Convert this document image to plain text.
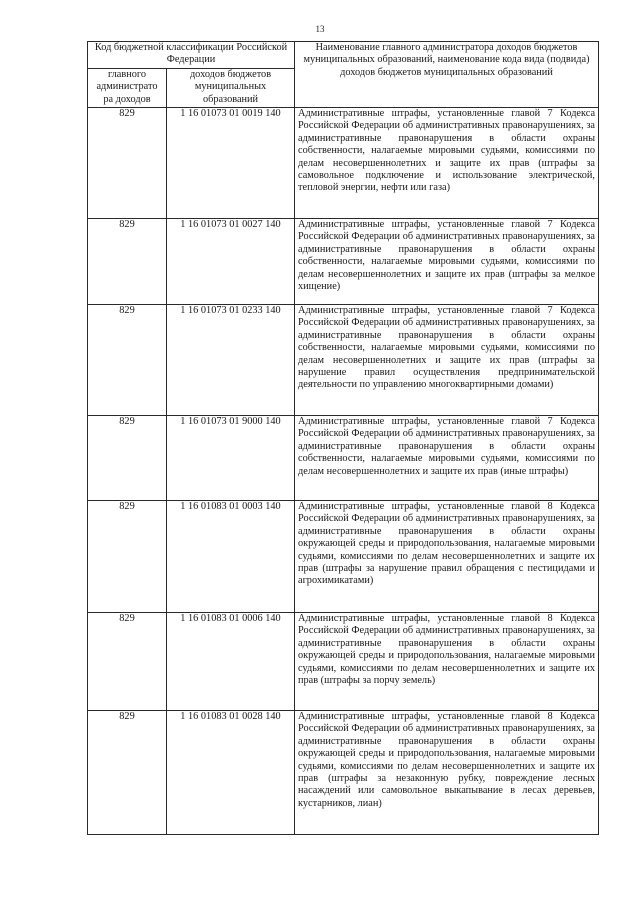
13
Код бюджетной классификации Российской Федерации		Наименование главного администратора доходов бюджетов муниципальных образований, наименование кода вида (подвида) доходов бюджетов муниципальных образований
главного администрато ра доходов	доходов бюджетов муниципальных образований	
829	1 16 01073 01 0019 140	Административные штрафы, установленные главой 7 Кодекса Российской Федерации об административных правонарушениях, за административные правонарушения в области охраны собственности, налагаемые мировыми судьями, комиссиями по делам несовершеннолетних и защите их прав (штрафы за самовольное подключение и использование электрической, тепловой энергии, нефти или газа)
829	1 16 01073 01 0027 140	Административные штрафы, установленные главой 7 Кодекса Российской Федерации об административных правонарушениях, за административные правонарушения в области охраны собственности, налагаемые мировыми судьями, комиссиями по делам несовершеннолетних и защите их прав (штрафы за мелкое хищение)
829	1 16 01073 01 0233 140	Административные штрафы, установленные главой 7 Кодекса Российской Федерации об административных правонарушениях, за административные правонарушения в области охраны собственности, налагаемые мировыми судьями, комиссиями по делам несовершеннолетних и защите их прав (штрафы за нарушение правил осуществления предпринимательской деятельности по управлению многоквартирными домами)
829	1 16 01073 01 9000 140	Административные штрафы, установленные главой 7 Кодекса Российской Федерации об административных правонарушениях, за административные правонарушения в области охраны собственности, налагаемые мировыми судьями, комиссиями по делам несовершеннолетних и защите их прав (иные штрафы)
829	1 16 01083 01 0003 140	Административные штрафы, установленные главой 8 Кодекса Российской Федерации об административных правонарушениях, за административные правонарушения в области охраны окружающей среды и природопользования, налагаемые мировыми судьями, комиссиями по делам несовершеннолетних и защите их прав (штрафы за нарушение правил обращения с пестицидами и агрохимикатами)
829	1 16 01083 01 0006 140	Административные штрафы, установленные главой 8 Кодекса Российской Федерации об административных правонарушениях, за административные правонарушения в области охраны окружающей среды и природопользования, налагаемые мировыми судьями, комиссиями по делам несовершеннолетних и защите их прав (штрафы за порчу земель)
829	1 16 01083 01 0028 140	Административные штрафы, установленные главой 8 Кодекса Российской Федерации об административных правонарушениях, за административные правонарушения в области охраны окружающей среды и природопользования, налагаемые мировыми судьями, комиссиями по делам несовершеннолетних и защите их прав (штрафы за незаконную рубку, повреждение лесных насаждений или самовольное выкапывание в лесах деревьев, кустарников, лиан)
